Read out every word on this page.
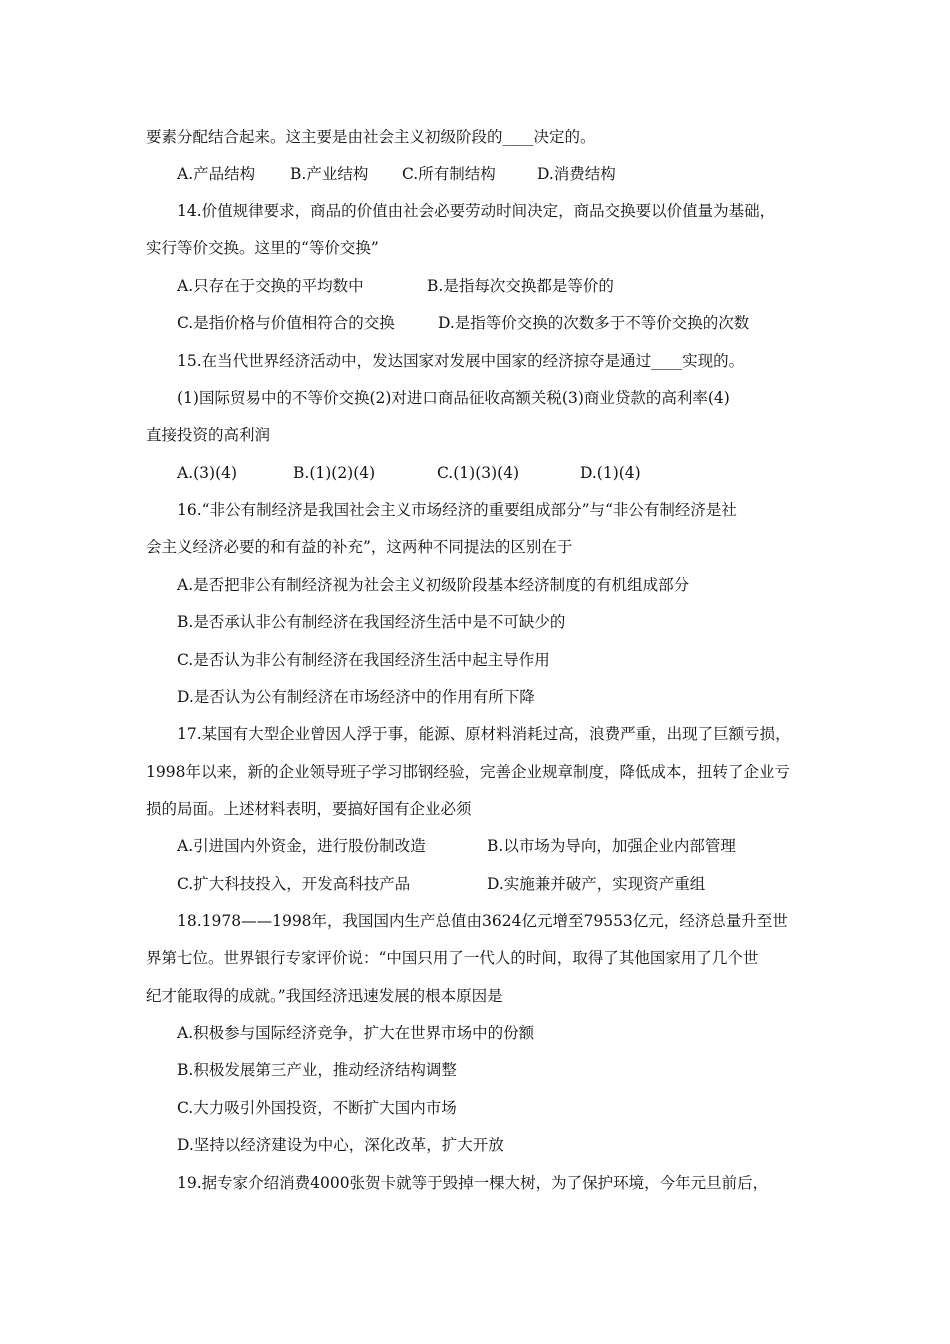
要素分配结合起来。这主要是由社会主义初级阶段的____决定的。
A.产品结构 B.产业结构 C.所有制结构	D.消费结构
14.价值规律要求，商品的价值由社会必要劳动时间决定，商品交换要以价值量为基础，
实行等价交换。这里的“等价交换”
A.只存在于交换的平均数中	B.是指每次交换都是等价的
C.是指价格与价值相符合的交换	D.是指等价交换的次数多于不等价交换的次数
15.在当代世界经济活动中，发达国家对发展中国家的经济掠夺是通过____实现的。
(1)国际贸易中的不等价交换(2)对进口商品征收高额关税(3)商业贷款的高利率(4)
直接投资的高利润
A.(3)(4)	B.(1)(2)(4)	C.(1)(3)(4)	D.(1)(4)
16.“非公有制经济是我国社会主义市场经济的重要组成部分”与“非公有制经济是社
会主义经济必要的和有益的补充”，这两种不同提法的区别在于
A.是否把非公有制经济视为社会主义初级阶段基本经济制度的有机组成部分
B.是否承认非公有制经济在我国经济生活中是不可缺少的
C.是否认为非公有制经济在我国经济生活中起主导作用
D.是否认为公有制经济在市场经济中的作用有所下降
17.某国有大型企业曾因人浮于事，能源、原材料消耗过高，浪费严重，出现了巨额亏损，
1998年以来，新的企业领导班子学习邯钢经验，完善企业规章制度，降低成本，扭转了企业亏
损的局面。上述材料表明，要搞好国有企业必须
A.引进国内外资金，进行股份制改造	B.以市场为导向，加强企业内部管理
C.扩大科技投入，开发高科技产品	D.实施兼并破产，实现资产重组
18.1978——1998年，我国国内生产总值由3624亿元增至79553亿元，经济总量升至世
界第七位。世界银行专家评价说：“中国只用了一代人的时间，取得了其他国家用了几个世
纪才能取得的成就。”我国经济迅速发展的根本原因是
A.积极参与国际经济竞争，扩大在世界市场中的份额
B.积极发展第三产业，推动经济结构调整
C.大力吸引外国投资，不断扩大国内市场
D.坚持以经济建设为中心，深化改革，扩大开放
19.据专家介绍消费4000张贺卡就等于毁掉一棵大树，为了保护环境，今年元旦前后，
